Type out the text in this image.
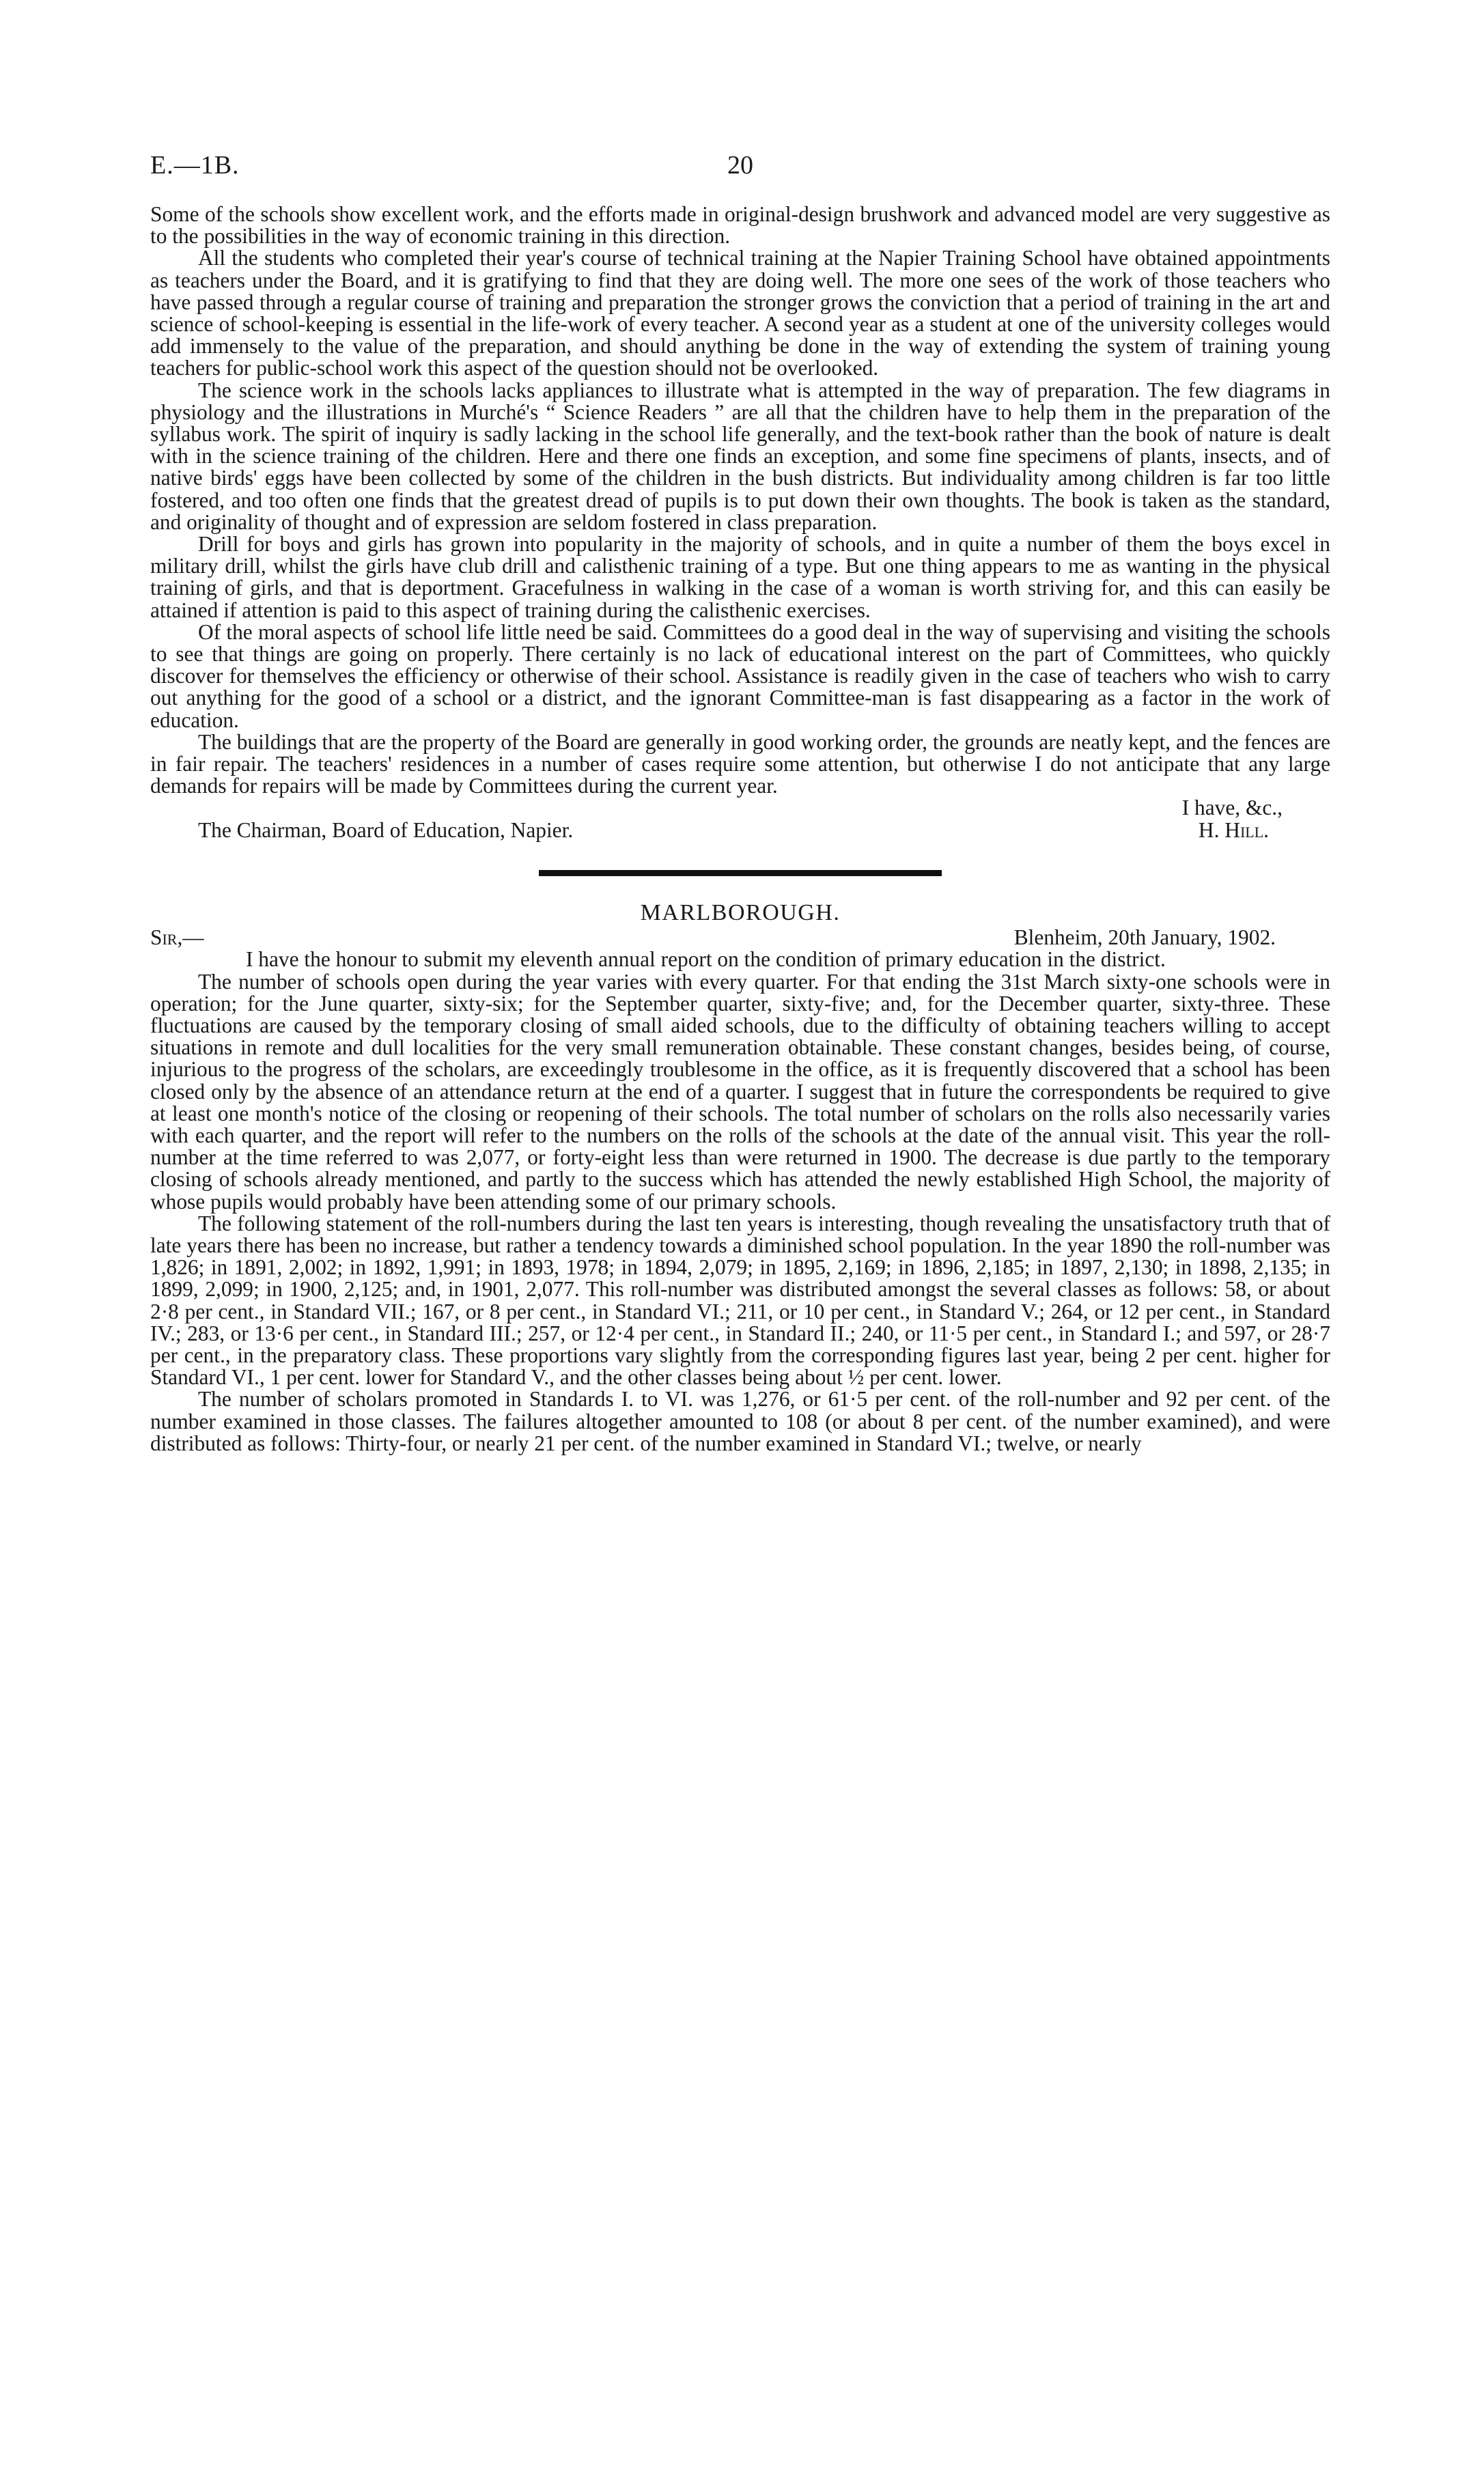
E.—1B.	20

Some of the schools show excellent work, and the efforts made in original-design brushwork and advanced model are very suggestive as to the possibilities in the way of economic training in this direction.

All the students who completed their year's course of technical training at the Napier Training School have obtained appointments as teachers under the Board, and it is gratifying to find that they are doing well. The more one sees of the work of those teachers who have passed through a regular course of training and preparation the stronger grows the conviction that a period of training in the art and science of school-keeping is essential in the life-work of every teacher. A second year as a student at one of the university colleges would add immensely to the value of the preparation, and should anything be done in the way of extending the system of training young teachers for public-school work this aspect of the question should not be overlooked.

The science work in the schools lacks appliances to illustrate what is attempted in the way of preparation. The few diagrams in physiology and the illustrations in Murché's “ Science Readers ” are all that the children have to help them in the preparation of the syllabus work. The spirit of inquiry is sadly lacking in the school life generally, and the text-book rather than the book of nature is dealt with in the science training of the children. Here and there one finds an exception, and some fine specimens of plants, insects, and of native birds' eggs have been collected by some of the children in the bush districts. But individuality among children is far too little fostered, and too often one finds that the greatest dread of pupils is to put down their own thoughts. The book is taken as the standard, and originality of thought and of expression are seldom fostered in class preparation.

Drill for boys and girls has grown into popularity in the majority of schools, and in quite a number of them the boys excel in military drill, whilst the girls have club drill and calisthenic training of a type. But one thing appears to me as wanting in the physical training of girls, and that is deportment. Gracefulness in walking in the case of a woman is worth striving for, and this can easily be attained if attention is paid to this aspect of training during the calisthenic exercises.

Of the moral aspects of school life little need be said. Committees do a good deal in the way of supervising and visiting the schools to see that things are going on properly. There certainly is no lack of educational interest on the part of Committees, who quickly discover for themselves the efficiency or otherwise of their school. Assistance is readily given in the case of teachers who wish to carry out anything for the good of a school or a district, and the ignorant Committee-man is fast disappearing as a factor in the work of education.

The buildings that are the property of the Board are generally in good working order, the grounds are neatly kept, and the fences are in fair repair. The teachers' residences in a number of cases require some attention, but otherwise I do not anticipate that any large demands for repairs will be made by Committees during the current year.

I have, &c.,
The Chairman, Board of Education, Napier.	H. Hill.
MARLBOROUGH.
Sir,—	Blenheim, 20th January, 1902.

I have the honour to submit my eleventh annual report on the condition of primary education in the district.

The number of schools open during the year varies with every quarter. For that ending the 31st March sixty-one schools were in operation; for the June quarter, sixty-six; for the September quarter, sixty-five; and, for the December quarter, sixty-three. These fluctuations are caused by the temporary closing of small aided schools, due to the difficulty of obtaining teachers willing to accept situations in remote and dull localities for the very small remuneration obtainable. These constant changes, besides being, of course, injurious to the progress of the scholars, are exceedingly troublesome in the office, as it is frequently discovered that a school has been closed only by the absence of an attendance return at the end of a quarter. I suggest that in future the correspondents be required to give at least one month's notice of the closing or reopening of their schools. The total number of scholars on the rolls also necessarily varies with each quarter, and the report will refer to the numbers on the rolls of the schools at the date of the annual visit. This year the roll-number at the time referred to was 2,077, or forty-eight less than were returned in 1900. The decrease is due partly to the temporary closing of schools already mentioned, and partly to the success which has attended the newly established High School, the majority of whose pupils would probably have been attending some of our primary schools.

The following statement of the roll-numbers during the last ten years is interesting, though revealing the unsatisfactory truth that of late years there has been no increase, but rather a tendency towards a diminished school population. In the year 1890 the roll-number was 1,826; in 1891, 2,002; in 1892, 1,991; in 1893, 1978; in 1894, 2,079; in 1895, 2,169; in 1896, 2,185; in 1897, 2,130; in 1898, 2,135; in 1899, 2,099; in 1900, 2,125; and, in 1901, 2,077. This roll-number was distributed amongst the several classes as follows: 58, or about 2·8 per cent., in Standard VII.; 167, or 8 per cent., in Standard VI.; 211, or 10 per cent., in Standard V.; 264, or 12 per cent., in Standard IV.; 283, or 13·6 per cent., in Standard III.; 257, or 12·4 per cent., in Standard II.; 240, or 11·5 per cent., in Standard I.; and 597, or 28·7 per cent., in the preparatory class. These proportions vary slightly from the corresponding figures last year, being 2 per cent. higher for Standard VI., 1 per cent. lower for Standard V., and the other classes being about ½ per cent. lower.

The number of scholars promoted in Standards I. to VI. was 1,276, or 61·5 per cent. of the roll-number and 92 per cent. of the number examined in those classes. The failures altogether amounted to 108 (or about 8 per cent. of the number examined), and were distributed as follows: Thirty-four, or nearly 21 per cent. of the number examined in Standard VI.; twelve, or nearly
